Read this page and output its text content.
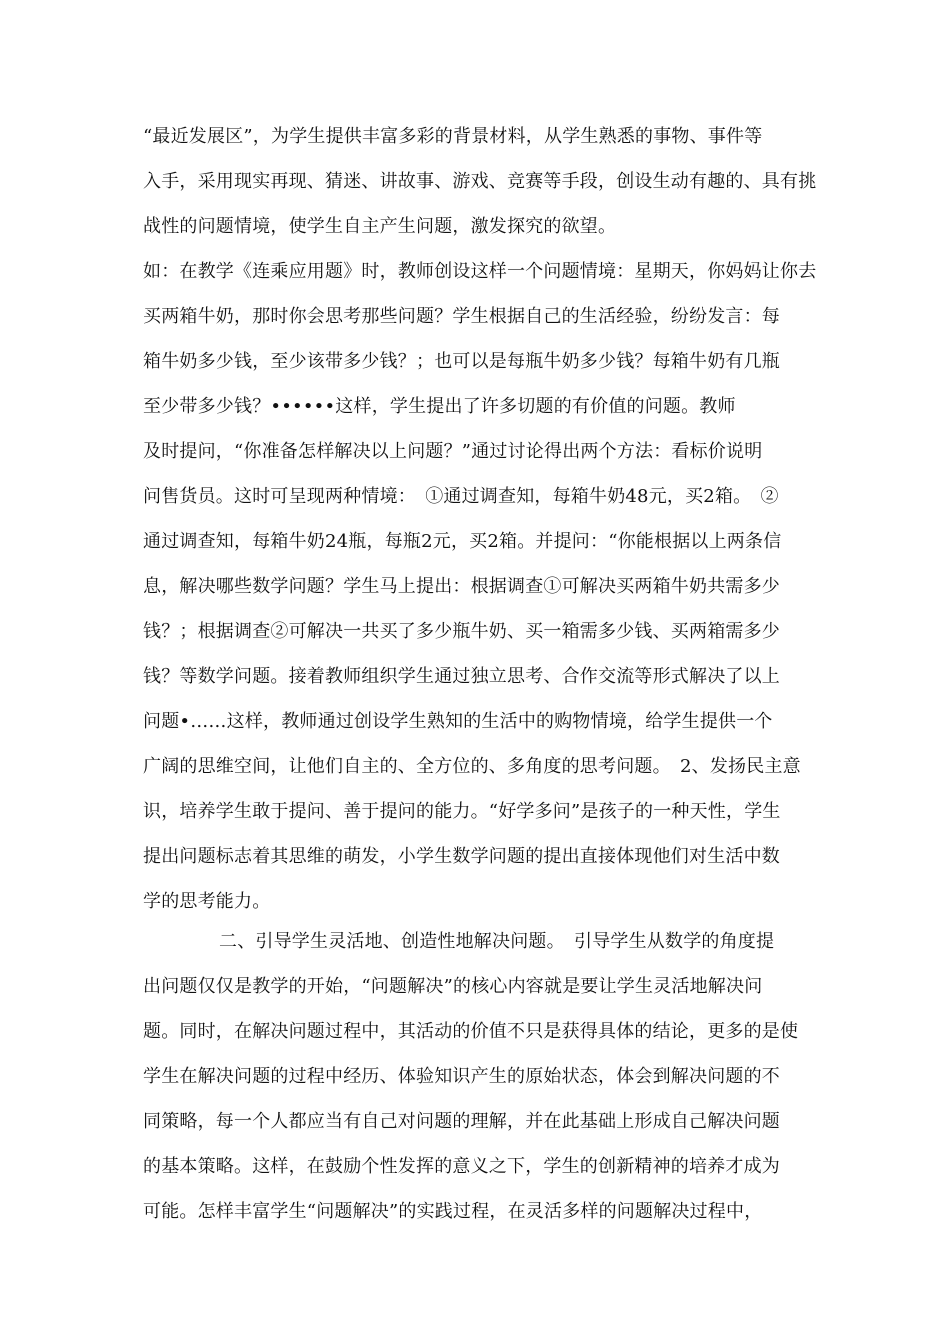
“最近发展区”，为学生提供丰富多彩的背景材料，从学生熟悉的事物、事件等
入手，采用现实再现、猜迷、讲故事、游戏、竞赛等手段，创设生动有趣的、具有挑
战性的问题情境，使学生自主产生问题，激发探究的欲望。
如：在教学《连乘应用题》时，教师创设这样一个问题情境：星期天，你妈妈让你去
买两箱牛奶，那时你会思考那些问题？学生根据自己的生活经验，纷纷发言：每
箱牛奶多少钱，至少该带多少钱？；也可以是每瓶牛奶多少钱？每箱牛奶有几瓶
至少带多少钱？••••••这样，学生提出了许多切题的有价值的问题。教师
及时提问，“你准备怎样解决以上问题？”通过讨论得出两个方法：看标价说明
问售货员。这时可呈现两种情境：　①通过调查知，每箱牛奶48元，买2箱。　②
通过调查知，每箱牛奶24瓶，每瓶2元，买2箱。并提问：“你能根据以上两条信
息，解决哪些数学问题？学生马上提出：根据调查①可解决买两箱牛奶共需多少
钱？；根据调查②可解决一共买了多少瓶牛奶、买一箱需多少钱、买两箱需多少
钱？等数学问题。接着教师组织学生通过独立思考、合作交流等形式解决了以上
问题•……这样，教师通过创设学生熟知的生活中的购物情境，给学生提供一个
广阔的思维空间，让他们自主的、全方位的、多角度的思考问题。　2、发扬民主意
识，培养学生敢于提问、善于提问的能力。“好学多问”是孩子的一种天性，学生
提出问题标志着其思维的萌发，小学生数学问题的提出直接体现他们对生活中数
学的思考能力。
二、引导学生灵活地、创造性地解决问题。　引导学生从数学的角度提
出问题仅仅是教学的开始，“问题解决”的核心内容就是要让学生灵活地解决问
题。同时，在解决问题过程中，其活动的价值不只是获得具体的结论，更多的是使
学生在解决问题的过程中经历、体验知识产生的原始状态，体会到解决问题的不
同策略，每一个人都应当有自己对问题的理解，并在此基础上形成自己解决问题
的基本策略。这样，在鼓励个性发挥的意义之下，学生的创新精神的培养才成为
可能。怎样丰富学生“问题解决”的实践过程，在灵活多样的问题解决过程中，
